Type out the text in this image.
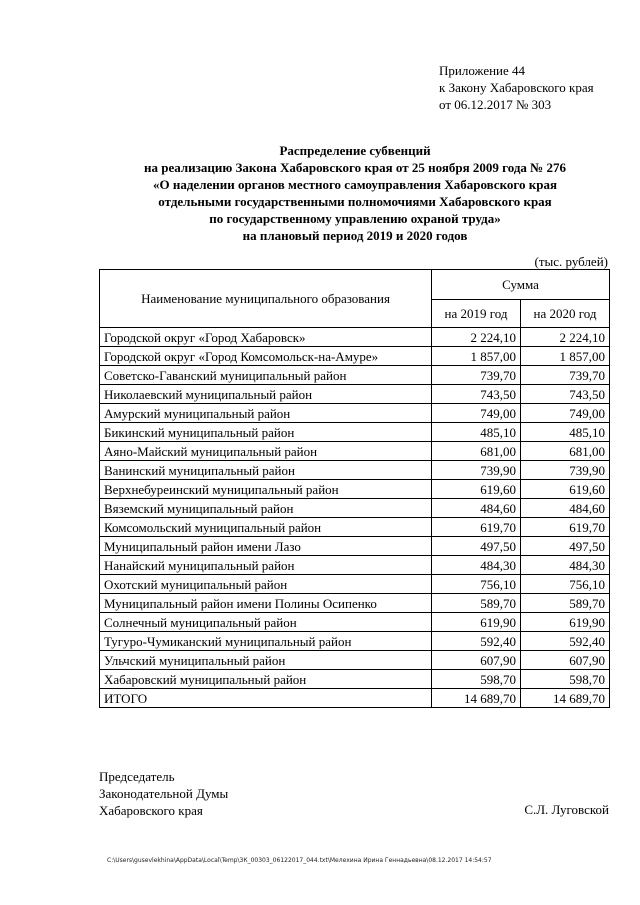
Приложение 44
к Закону Хабаровского края
от 06.12.2017 № 303
Распределение субвенций
на реализацию Закона Хабаровского края от 25 ноября 2009 года № 276
«О наделении органов местного самоуправления Хабаровского края
отдельными государственными полномочиями Хабаровского края
по государственному управлению охраной труда»
на плановый период 2019 и 2020 годов
(тыс. рублей)
Наименование муниципального образования	Сумма	
	на 2019 год	на 2020 год
Городской округ «Город Хабаровск»	2 224,10	2 224,10
Городской округ «Город Комсомольск-на-Амуре»	1 857,00	1 857,00
Советско-Гаванский муниципальный район	739,70	739,70
Николаевский муниципальный район	743,50	743,50
Амурский муниципальный район	749,00	749,00
Бикинский муниципальный район	485,10	485,10
Аяно-Майский муниципальный район	681,00	681,00
Ванинский муниципальный район	739,90	739,90
Верхнебуреинский муниципальный район	619,60	619,60
Вяземский муниципальный район	484,60	484,60
Комсомольский муниципальный район	619,70	619,70
Муниципальный район имени Лазо	497,50	497,50
Нанайский муниципальный район	484,30	484,30
Охотский муниципальный район	756,10	756,10
Муниципальный район имени Полины Осипенко	589,70	589,70
Солнечный муниципальный район	619,90	619,90
Тугуро-Чумиканский муниципальный район	592,40	592,40
Ульчский муниципальный район	607,90	607,90
Хабаровский муниципальный район	598,70	598,70
ИТОГО	14 689,70	14 689,70
Председатель
Законодательной Думы
Хабаровского края	С.Л. Луговской
C:\Users\gusevlekhina\AppData\Local\Temp\ЗК_00303_06122017_044.txt\Мелехина Ирина Геннадьевна\08.12.2017 14:54:57
